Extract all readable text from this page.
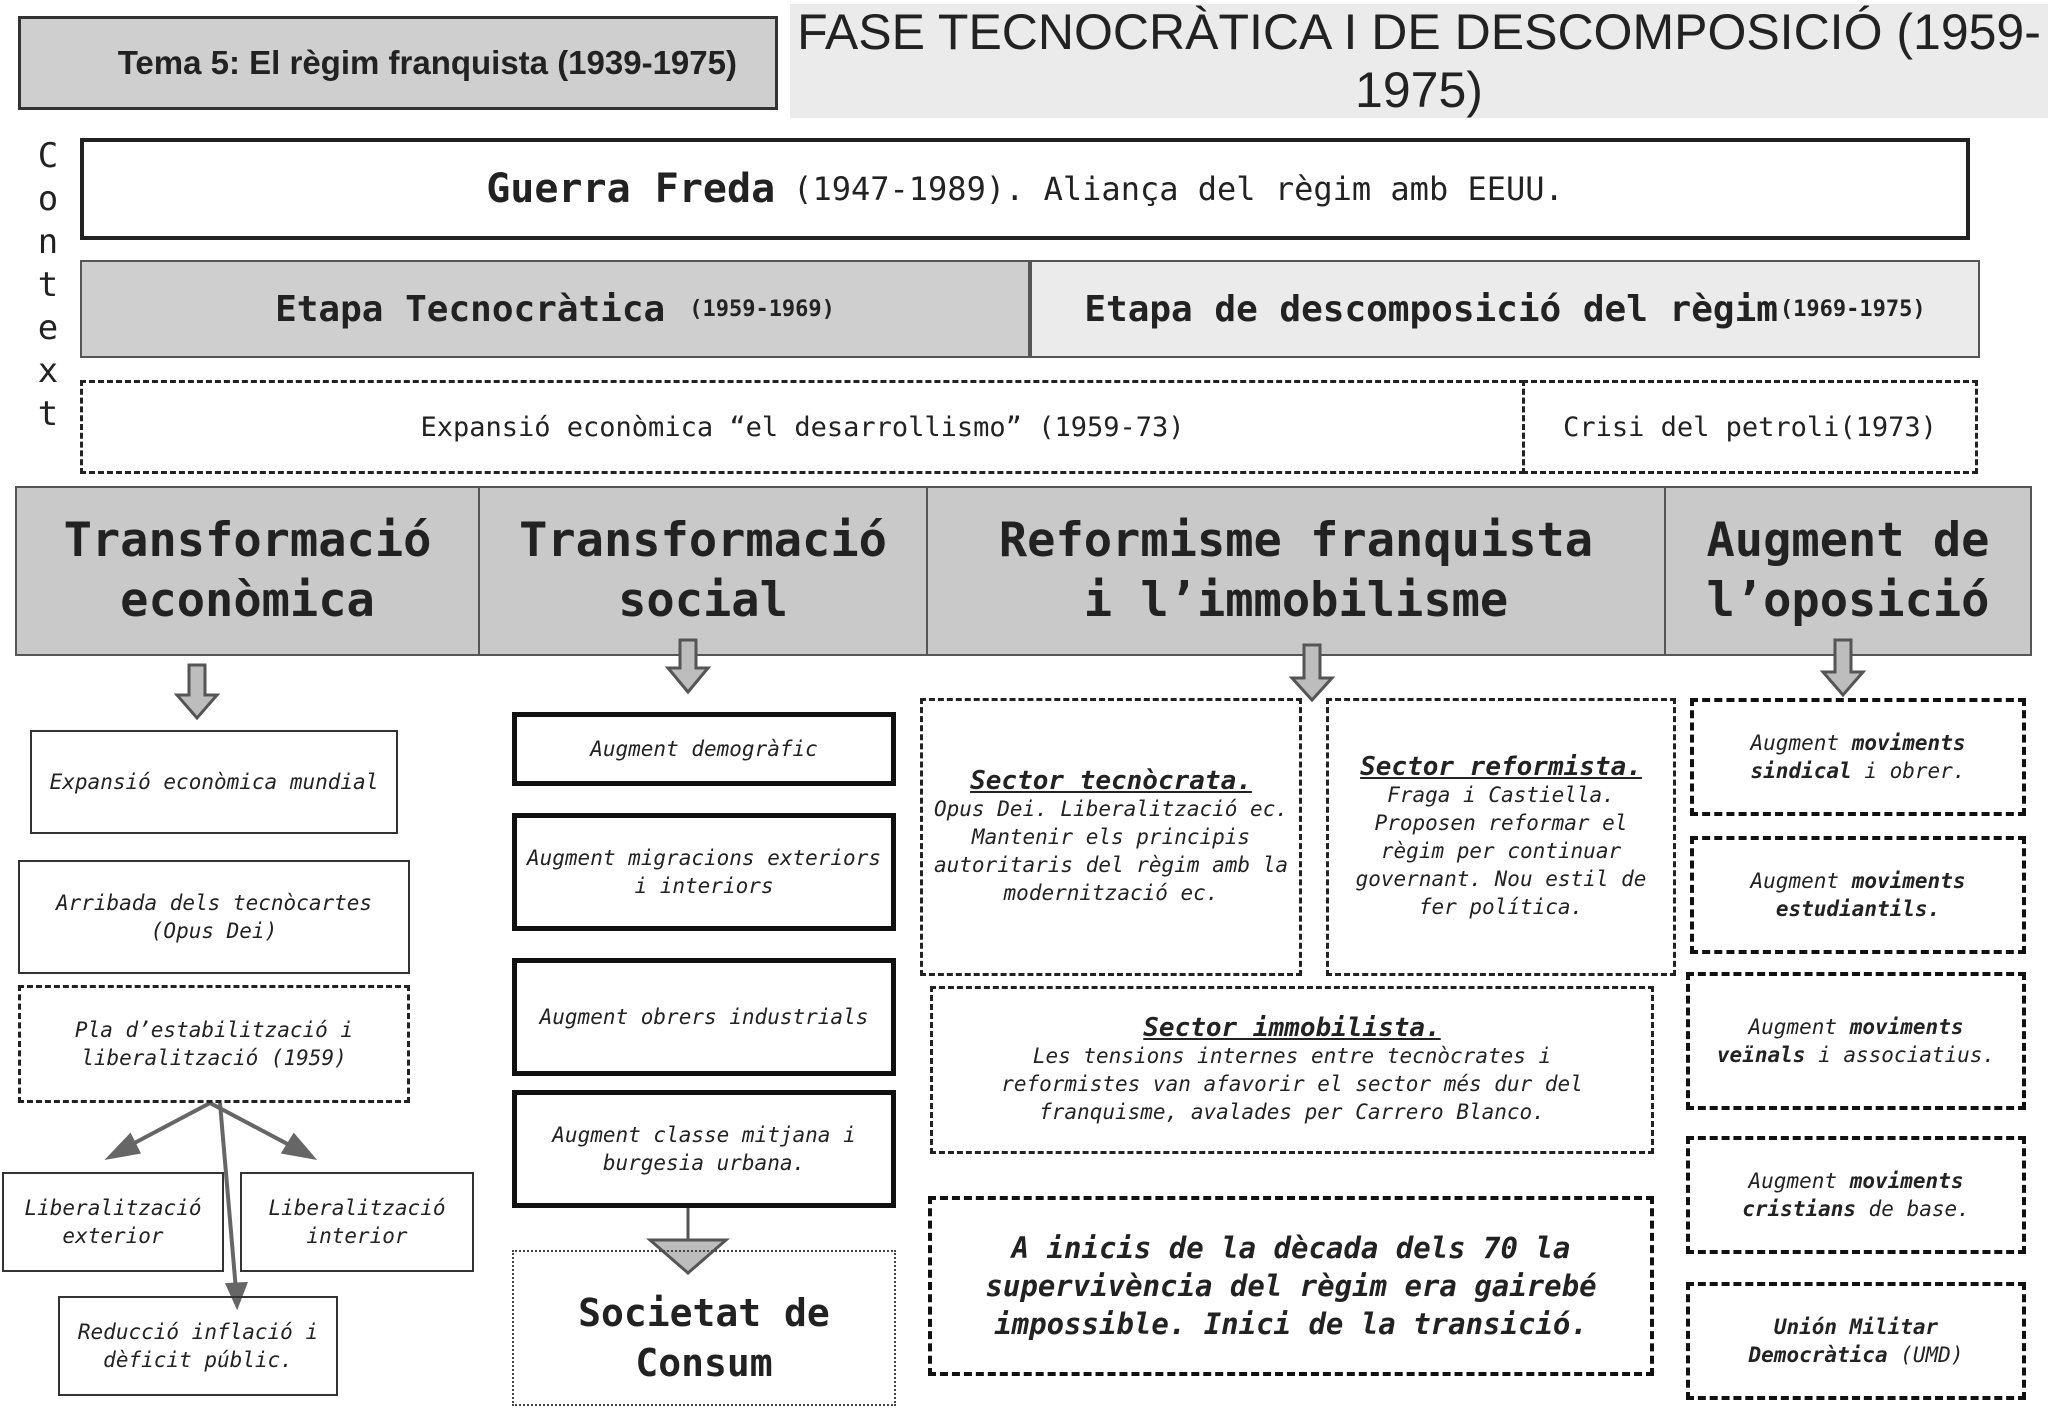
Tema 5: El règim franquista (1939-1975)
FASE TECNOCRÀTICA I DE DESCOMPOSICIÓ (1959-1975)
C
o
n
t
e
x
t
Guerra Freda (1947-1989). Aliança del règim amb EEUU.
Etapa Tecnocràtica (1959-1969)	Etapa de descomposició del règim (1969-1975)
Expansió econòmica “el desarrollismo” (1959-73)	Crisi del petroli(1973)
Transformació
econòmica
Transformació
social
Reformisme franquista
i l’immobilisme
Augment de
l’oposició
Expansió econòmica mundial
Arribada dels tecnòcartes (Opus Dei)
Pla d’estabilització i liberalització (1959)
Liberalització exterior
Liberalització interior
Reducció inflació i dèficit públic.
Augment demogràfic
Augment migracions exteriors i interiors
Augment obrers industrials
Augment classe mitjana i burgesia urbana.
Societat de Consum
Sector tecnòcrata.
Opus Dei. Liberalització ec. Mantenir els principis autoritaris del règim amb la modernització ec.
Sector reformista.
Fraga i Castiella. Proposen reformar el règim per continuar governant. Nou estil de fer política.
Sector immobilista.
Les tensions internes entre tecnòcrates i reformistes van afavorir el sector més dur del franquisme, avalades per Carrero Blanco.
A inicis de la dècada dels 70 la supervivència del règim era gairebé impossible. Inici de la transició.
Augment moviments sindical i obrer.
Augment moviments estudiantils.
Augment moviments veïnals i associatius.
Augment moviments cristians de base.
Unión Militar Democràtica (UMD)
